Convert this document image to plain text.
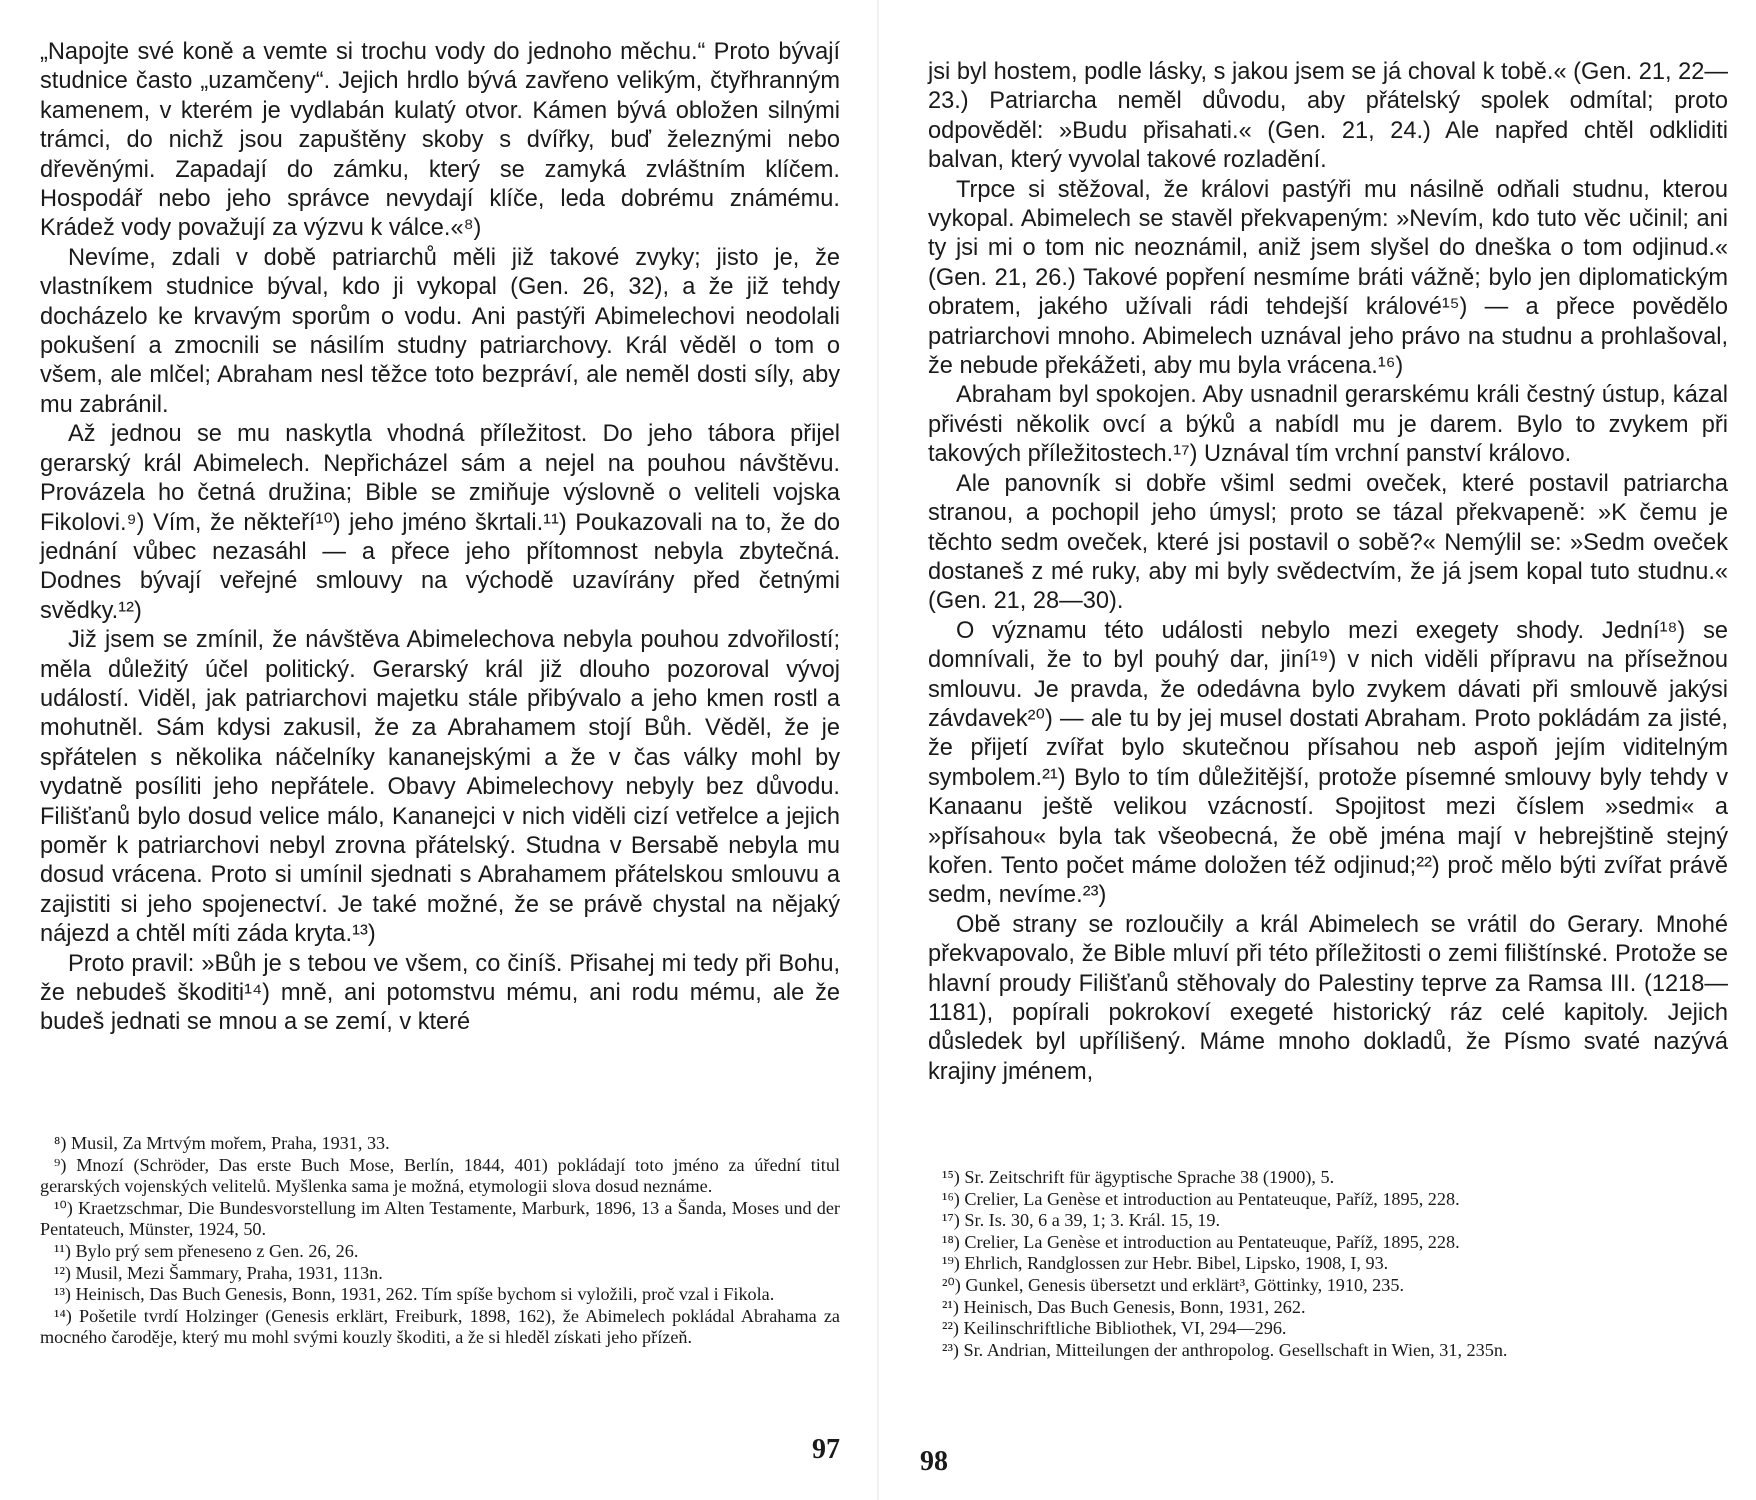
„Napojte své koně a vemte si trochu vody do jednoho měchu.“ Proto bývají studnice často „uzamčeny“. Jejich hrdlo bývá zavřeno velikým, čtyřhranným kamenem, v kterém je vydlabán kulatý otvor. Kámen bývá obložen silnými trámci, do nichž jsou zapuštěny skoby s dvířky, buď železnými nebo dřevěnými. Zapadají do zámku, který se zamyká zvláštním klíčem. Hospodář nebo jeho správce nevydají klíče, leda dobrému známému. Krádež vody považují za výzvu k válce.«⁸)

Nevíme, zdali v době patriarchů měli již takové zvyky; jisto je, že vlastníkem studnice býval, kdo ji vykopal (Gen. 26, 32), a že již tehdy docházelo ke krvavým sporům o vodu. Ani pastýři Abimelechovi neodolali pokušení a zmocnili se násilím studny patriarchovy. Král věděl o tom o všem, ale mlčel; Abraham nesl těžce toto bezpráví, ale neměl dosti síly, aby mu zabránil.

Až jednou se mu naskytla vhodná příležitost. Do jeho tábora přijel gerarský král Abimelech. Nepřicházel sám a nejel na pouhou návštěvu. Provázela ho četná družina; Bible se zmiňuje výslovně o veliteli vojska Fikolovi.⁹) Vím, že někteří¹⁰) jeho jméno škrtali.¹¹) Poukazovali na to, že do jednání vůbec nezasáhl — a přece jeho přítomnost nebyla zbytečná. Dodnes bývají veřejné smlouvy na východě uzavírány před četnými svědky.¹²)

Již jsem se zmínil, že návštěva Abimelechova nebyla pouhou zdvořilostí; měla důležitý účel politický. Gerarský král již dlouho pozoroval vývoj událostí. Viděl, jak patriarchovi majetku stále přibývalo a jeho kmen rostl a mohutněl. Sám kdysi zakusil, že za Abrahamem stojí Bůh. Věděl, že je spřátelen s několika náčelníky kananejskými a že v čas války mohl by vydatně posíliti jeho nepřátele. Obavy Abimelechovy nebyly bez důvodu. Filišťanů bylo dosud velice málo, Kananejci v nich viděli cizí vetřelce a jejich poměr k patriarchovi nebyl zrovna přátelský. Studna v Bersabě nebyla mu dosud vrácena. Proto si umínil sjednati s Abrahamem přátelskou smlouvu a zajistiti si jeho spojenectví. Je také možné, že se právě chystal na nějaký nájezd a chtěl míti záda kryta.¹³)

Proto pravil: »Bůh je s tebou ve všem, co činíš. Přisahej mi tedy při Bohu, že nebudeš škoditi¹⁴) mně, ani potomstvu mému, ani rodu mému, ale že budeš jednati se mnou a se zemí, v které

⁸) Musil, Za Mrtvým mořem, Praha, 1931, 33.

⁹) Mnozí (Schröder, Das erste Buch Mose, Berlín, 1844, 401) pokládají toto jméno za úřední titul gerarských vojenských velitelů. Myšlenka sama je možná, etymologii slova dosud neznáme.

¹⁰) Kraetzschmar, Die Bundesvorstellung im Alten Testamente, Marburk, 1896, 13 a Šanda, Moses und der Pentateuch, Münster, 1924, 50.

¹¹) Bylo prý sem přeneseno z Gen. 26, 26.

¹²) Musil, Mezi Šammary, Praha, 1931, 113n.

¹³) Heinisch, Das Buch Genesis, Bonn, 1931, 262. Tím spíše bychom si vyložili, proč vzal i Fikola.

¹⁴) Pošetile tvrdí Holzinger (Genesis erklärt, Freiburk, 1898, 162), že Abimelech pokládal Abrahama za mocného čaroděje, který mu mohl svými kouzly škoditi, a že si hleděl získati jeho přízeň.

97

jsi byl hostem, podle lásky, s jakou jsem se já choval k tobě.« (Gen. 21, 22—23.) Patriarcha neměl důvodu, aby přátelský spolek odmítal; proto odpověděl: »Budu přisahati.« (Gen. 21, 24.) Ale napřed chtěl odkliditi balvan, který vyvolal takové rozladění.

Trpce si stěžoval, že královi pastýři mu násilně odňali studnu, kterou vykopal. Abimelech se stavěl překvapeným: »Nevím, kdo tuto věc učinil; ani ty jsi mi o tom nic neoznámil, aniž jsem slyšel do dneška o tom odjinud.« (Gen. 21, 26.) Takové popření nesmíme bráti vážně; bylo jen diplomatickým obratem, jakého užívali rádi tehdejší králové¹⁵) — a přece povědělo patriarchovi mnoho. Abimelech uznával jeho právo na studnu a prohlašoval, že nebude překážeti, aby mu byla vrácena.¹⁶)

Abraham byl spokojen. Aby usnadnil gerarskému králi čestný ústup, kázal přivésti několik ovcí a býků a nabídl mu je darem. Bylo to zvykem při takových příležitostech.¹⁷) Uznával tím vrchní panství královo.

Ale panovník si dobře všiml sedmi oveček, které postavil patriarcha stranou, a pochopil jeho úmysl; proto se tázal překvapeně: »K čemu je těchto sedm oveček, které jsi postavil o sobě?« Nemýlil se: »Sedm oveček dostaneš z mé ruky, aby mi byly svědectvím, že já jsem kopal tuto studnu.« (Gen. 21, 28—30).

O významu této události nebylo mezi exegety shody. Jední¹⁸) se domnívali, že to byl pouhý dar, jiní¹⁹) v nich viděli přípravu na přísežnou smlouvu. Je pravda, že odedávna bylo zvykem dávati při smlouvě jakýsi závdavek²⁰) — ale tu by jej musel dostati Abraham. Proto pokládám za jisté, že přijetí zvířat bylo skutečnou přísahou neb aspoň jejím viditelným symbolem.²¹) Bylo to tím důležitější, protože písemné smlouvy byly tehdy v Kanaanu ještě velikou vzácností. Spojitost mezi číslem »sedmi« a »přísahou« byla tak všeobecná, že obě jména mají v hebrejštině stejný kořen. Tento počet máme doložen též odjinud;²²) proč mělo býti zvířat právě sedm, nevíme.²³)

Obě strany se rozloučily a král Abimelech se vrátil do Gerary. Mnohé překvapovalo, že Bible mluví při této příležitosti o zemi filištínské. Protože se hlavní proudy Filišťanů stěhovaly do Palestiny teprve za Ramsa III. (1218—1181), popírali pokrokoví exegeté historický ráz celé kapitoly. Jejich důsledek byl upřílišený. Máme mnoho dokladů, že Písmo svaté nazývá krajiny jménem,

¹⁵) Sr. Zeitschrift für ägyptische Sprache 38 (1900), 5.

¹⁶) Crelier, La Genèse et introduction au Pentateuque, Paříž, 1895, 228.

¹⁷) Sr. Is. 30, 6 a 39, 1; 3. Král. 15, 19.

¹⁸) Crelier, La Genèse et introduction au Pentateuque, Paříž, 1895, 228.

¹⁹) Ehrlich, Randglossen zur Hebr. Bibel, Lipsko, 1908, I, 93.

²⁰) Gunkel, Genesis übersetzt und erklärt³, Göttinky, 1910, 235.

²¹) Heinisch, Das Buch Genesis, Bonn, 1931, 262.

²²) Keilinschriftliche Bibliothek, VI, 294—296.

²³) Sr. Andrian, Mitteilungen der anthropolog. Gesellschaft in Wien, 31, 235n.

98
